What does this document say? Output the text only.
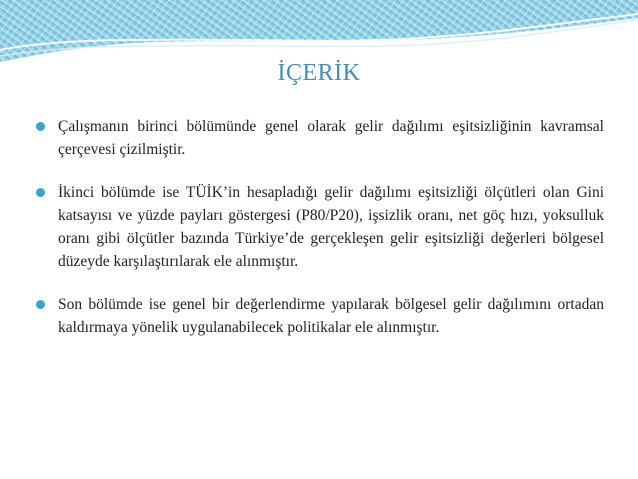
İÇERİK
Çalışmanın birinci bölümünde genel olarak gelir dağılımı eşitsizliğinin kavramsal çerçevesi çizilmiştir.
İkinci bölümde ise TÜİK’in hesapladığı gelir dağılımı eşitsizliği ölçütleri olan Gini katsayısı ve yüzde payları göstergesi (P80/P20), işsizlik oranı, net göç hızı, yoksulluk oranı gibi ölçütler bazında Türkiye’de gerçekleşen gelir eşitsizliği değerleri bölgesel düzeyde karşılaştırılarak ele alınmıştır.
Son bölümde ise genel bir değerlendirme yapılarak bölgesel gelir dağılımını ortadan kaldırmaya yönelik uygulanabilecek politikalar ele alınmıştır.
